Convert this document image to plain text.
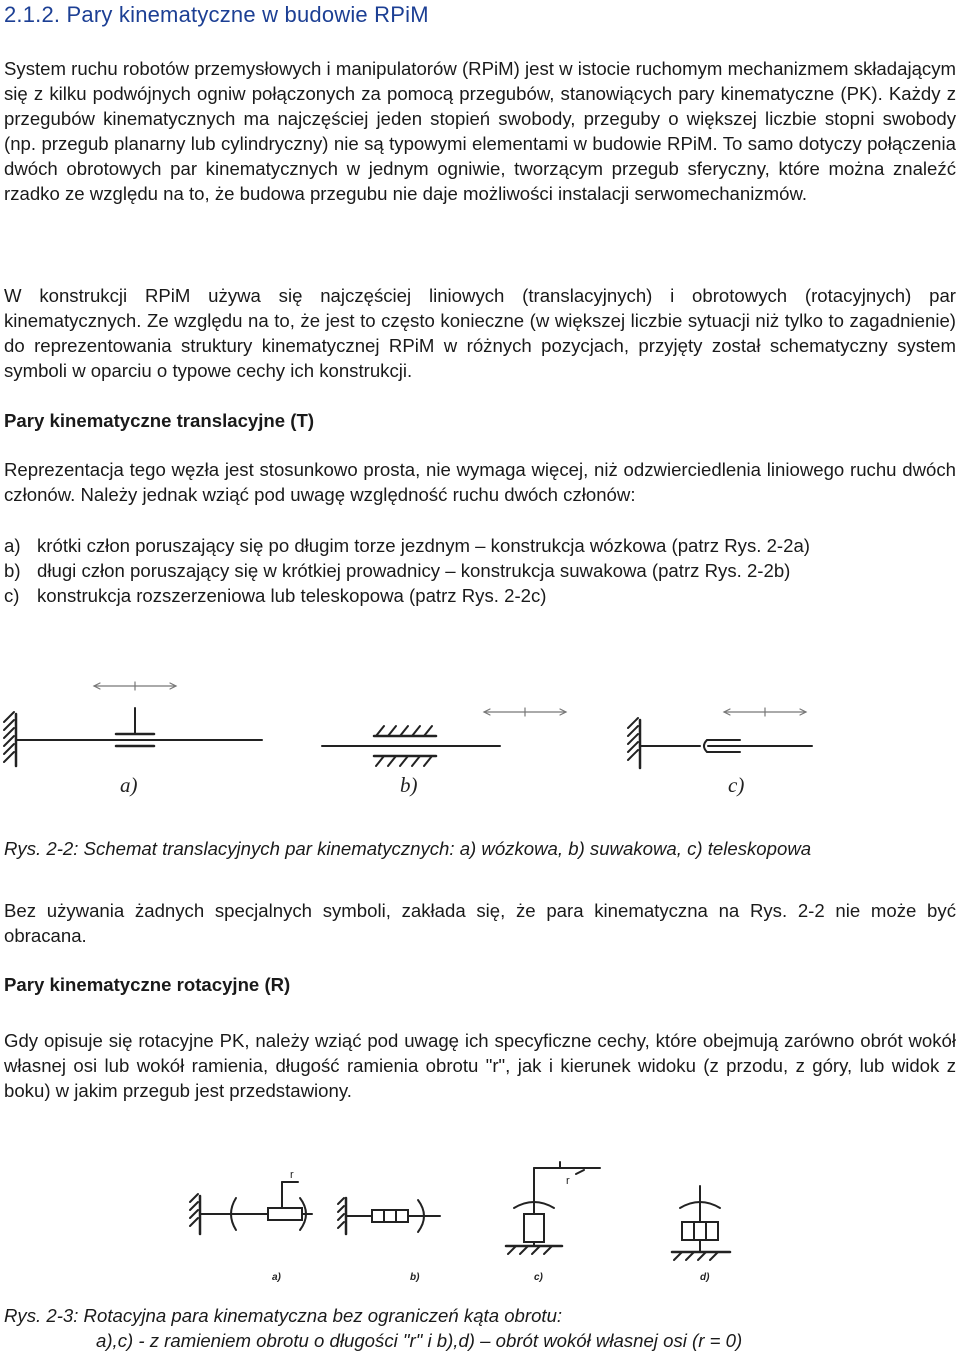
2.1.2. Pary kinematyczne w budowie RPiM

System ruchu robotów przemysłowych i manipulatorów (RPiM) jest w istocie ruchomym mechanizmem składającym się z kilku podwójnych ogniw połączonych za pomocą przegubów, stanowiących pary kinematyczne (PK). Każdy z przegubów kinematycznych ma najczęściej jeden stopień swobody, przeguby o większej liczbie stopni swobody (np. przegub planarny lub cylindryczny) nie są typowymi elementami w budowie RPiM. To samo dotyczy połączenia dwóch obrotowych par kinematycznych w jednym ogniwie, tworzącym przegub sferyczny, które można znaleźć rzadko ze względu na to, że budowa przegubu nie daje możliwości instalacji serwomechanizmów.

W konstrukcji RPiM używa się najczęściej liniowych (translacyjnych) i obrotowych (rotacyjnych) par kinematycznych. Ze względu na to, że jest to często konieczne (w większej liczbie sytuacji niż tylko to zagadnienie) do reprezentowania struktury kinematycznej RPiM w różnych pozycjach, przyjęty został schematyczny system symboli w oparciu o typowe cechy ich konstrukcji.

Pary kinematyczne translacyjne (T)

Reprezentacja tego węzła jest stosunkowo prosta, nie wymaga więcej, niż odzwierciedlenia liniowego ruchu dwóch członów. Należy jednak wziąć pod uwagę względność ruchu dwóch członów:

a) krótki człon poruszający się po długim torze jezdnym – konstrukcja wózkowa (patrz Rys. 2-2a)
b) długi człon poruszający się w krótkiej prowadnicy – konstrukcja suwakowa (patrz Rys. 2-2b)
c) konstrukcja rozszerzeniowa lub teleskopowa (patrz Rys. 2-2c)
a)	b)	c)

Rys. 2-2: Schemat translacyjnych par kinematycznych: a) wózkowa, b) suwakowa, c) teleskopowa

Bez używania żadnych specjalnych symboli, zakłada się, że para kinematyczna na Rys. 2-2 nie może być obracana.

Pary kinematyczne rotacyjne (R)

Gdy opisuje się rotacyjne PK, należy wziąć pod uwagę ich specyficzne cechy, które obejmują zarówno obrót wokół własnej osi lub wokół ramienia, długość ramienia obrotu "r", jak i kierunek widoku (z przodu, z góry, lub widok z boku) w jakim przegub jest przedstawiony.

r	r
a)	b)	c)	d)

Rys. 2-3: Rotacyjna para kinematyczna bez ograniczeń kąta obrotu:
a),c) - z ramieniem obrotu o długości "r" i b),d) – obrót wokół własnej osi (r = 0)
